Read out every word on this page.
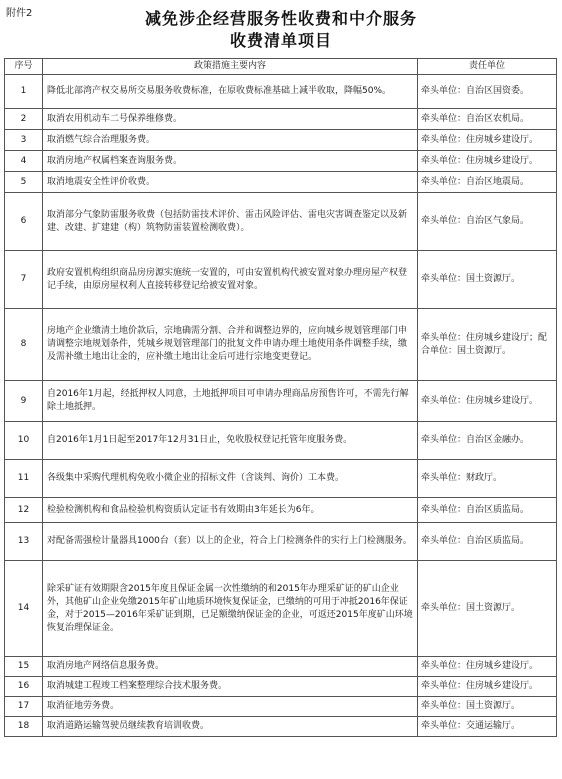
附件2	减免涉企经营服务性收费和中介服务
收费清单项目
序号	政策措施主要内容	责任单位
1	降低北部湾产权交易所交易服务收费标准，在原收费标准基础上减半收取，降幅50%。	牵头单位：自治区国资委。
2	取消农用机动车二号保养维修费。	牵头单位：自治区农机局。
3	取消燃气综合治理服务费。	牵头单位：住房城乡建设厅。
4	取消房地产权属档案查询服务费。	牵头单位：住房城乡建设厅。
5	取消地震安全性评价收费。	牵头单位：自治区地震局。
6	取消部分气象防雷服务收费（包括防雷技术评价、雷击风险评估、雷电灾害调查鉴定以及新建、改建、扩建建（构）筑物防雷装置检测收费）。	牵头单位：自治区气象局。
7	政府安置机构组织商品房房源实施统一安置的，可由安置机构代被安置对象办理房屋产权登记手续，由原房屋权利人直接转移登记给被安置对象。	牵头单位：国土资源厅。
8	房地产企业缴清土地价款后，宗地确需分割、合并和调整边界的，应向城乡规划管理部门申请调整宗地规划条件，凭城乡规划管理部门的批复文件申请办理土地使用条件调整手续，缴及需补缴土地出让金的，应补缴土地出让金后可进行宗地变更登记。	牵头单位：住房城乡建设厅；配合单位：国土资源厅。
9	自2016年1月起，经抵押权人同意，土地抵押项目可申请办理商品房预售许可，不需先行解除土地抵押。	牵头单位：住房城乡建设厅。
10	自2016年1月1日起至2017年12月31日止，免收股权登记托管年度服务费。	牵头单位：自治区金融办。
11	各级集中采购代理机构免收小微企业的招标文件（含谈判、询价）工本费。	牵头单位：财政厅。
12	检验检测机构和食品检验机构资质认定证书有效期由3年延长为6年。	牵头单位：自治区质监局。
13	对配备需强检计量器具1000台（套）以上的企业，符合上门检测条件的实行上门检测服务。	牵头单位：自治区质监局。
14	除采矿证有效期限含2015年度且保证金属一次性缴纳的和2015年办理采矿证的矿山企业外，其他矿山企业免缴2015年矿山地质环境恢复保证金，已缴纳的可用于冲抵2016年保证金，对于2015—2016年采矿证到期，已足额缴纳保证金的企业，可返还2015年度矿山环境恢复治理保证金。	牵头单位：国土资源厅。
15	取消房地产网络信息服务费。	牵头单位：住房城乡建设厅。
16	取消城建工程竣工档案整理综合技术服务费。	牵头单位：住房城乡建设厅。
17	取消征地劳务费。	牵头单位：国土资源厅。
18	取消道路运输驾驶员继续教育培训收费。	牵头单位：交通运输厅。
